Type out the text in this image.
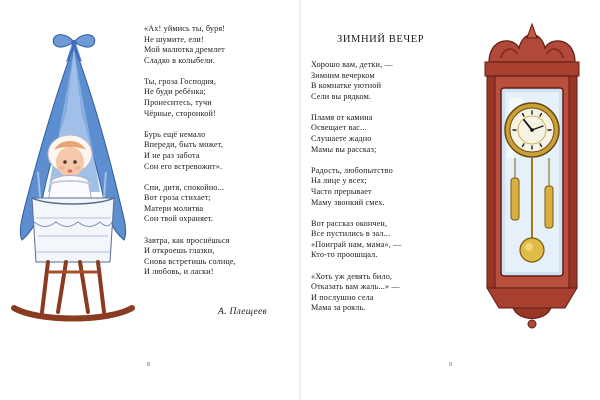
«Ах! уймись ты, буря!
Не шумите, ели!
Мой малютка дремлет
Сладко в колыбели.
Ты, гроза Господня,
Не буди ребёнка;
Пронеситесь, тучи
Чёрные, сторонкой!
Бурь ещё немало
Впереди, быть может,
И не раз забота
Сон его встревожит».
Спи, дитя, спокойно...
Вот гроза стихает;
Матери молитва
Сон твой охраняет.
Завтра, как проснёшься
И откроешь глазки,
Снова встретишь солнце,
И любовь, и ласки!
А. Плещеев
8
ЗИМНИЙ ВЕЧЕР
Хорошо вам, детки, —
Зимним вечерком
В комнатке уютной
Сели вы рядком.
Пламя от камина
Освещает вас...
Слушаете жадно
Мамы вы рассказ;
Радость, любопытство
На лице у всех;
Часто прерывает
Маму звонкий смех.
Вот рассказ окончен,
Все пустились в зал...
«Поиграй нам, мама», —
Кто-то проошщал.
«Хоть уж девять било,
Отказать вам жаль...» —
И послушно села
Мама за рояль.
9
